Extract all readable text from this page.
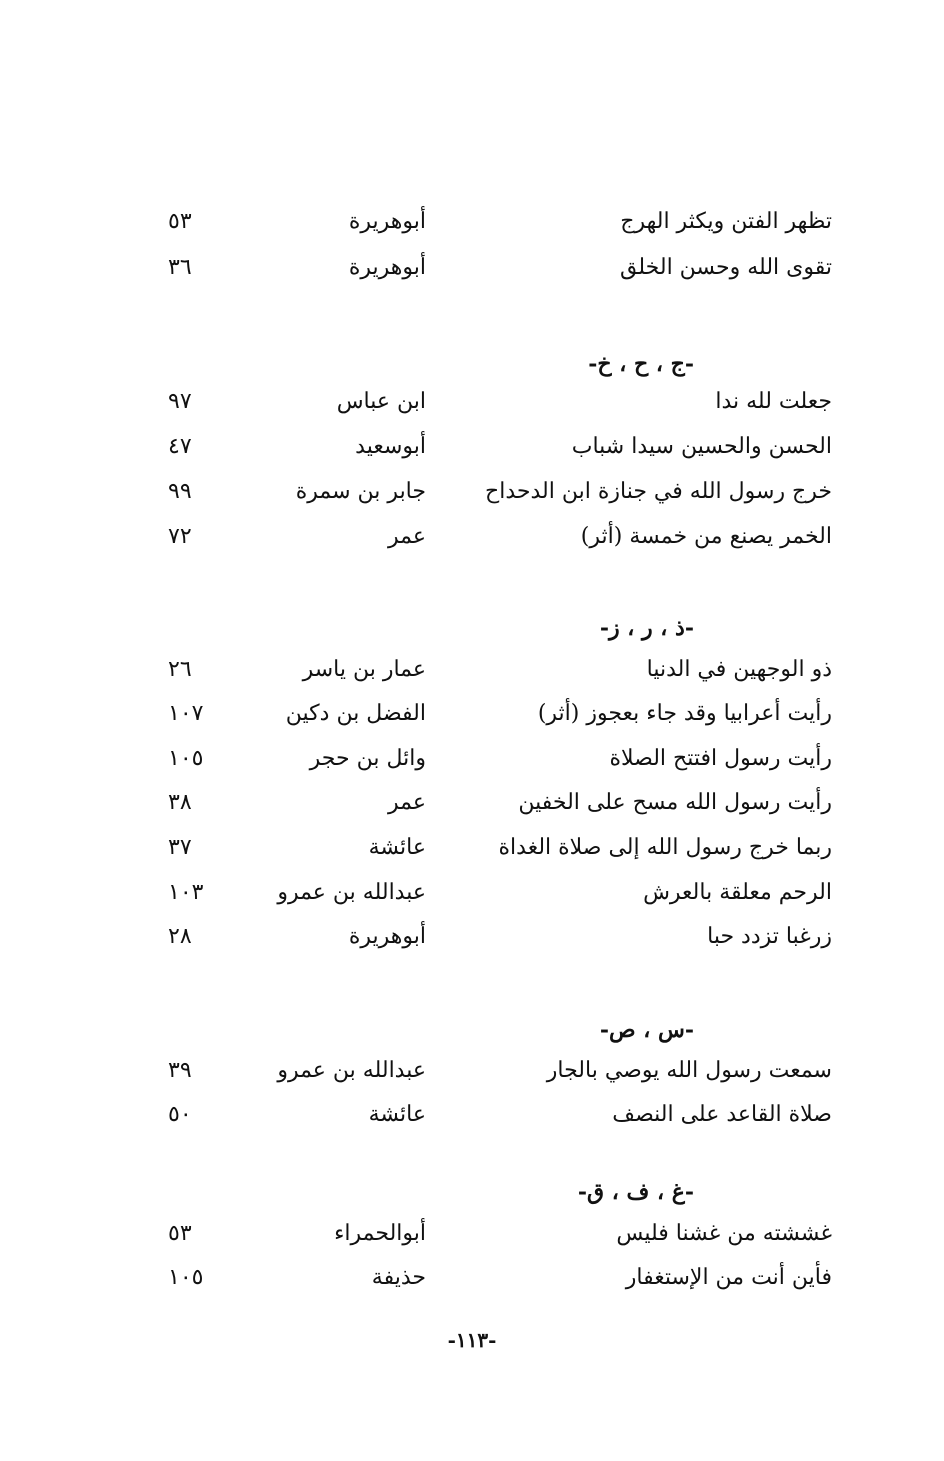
تظهر الفتن ويكثر الهرج
أبوهريرة
٥٣
تقوى الله وحسن الخلق
أبوهريرة
٣٦
-ج ، ح ، خ-
جعلت لله ندا
ابن عباس
٩٧
الحسن والحسين سيدا شباب
أبوسعيد
٤٧
خرج رسول الله في جنازة ابن الدحداح
جابر بن سمرة
٩٩
الخمر يصنع من خمسة (أثر)
عمر
٧٢
-ذ ، ر ، ز-
ذو الوجهين في الدنيا
عمار بن ياسر
٢٦
رأيت أعرابيا وقد جاء بعجوز (أثر)
الفضل بن دكين
١٠٧
رأيت رسول افتتح الصلاة
وائل بن حجر
١٠٥
رأيت رسول الله مسح على الخفين
عمر
٣٨
ربما خرج رسول الله إلى صلاة الغداة
عائشة
٣٧
الرحم معلقة بالعرش
عبدالله بن عمرو
١٠٣
زرغبا تزدد حبا
أبوهريرة
٢٨
-س ، ص-
سمعت رسول الله يوصي بالجار
عبدالله بن عمرو
٣٩
صلاة القاعد على النصف
عائشة
٥٠
-غ ، ف ، ق-
غششته من غشنا فليس
أبوالحمراء
٥٣
فأين أنت من الإستغفار
حذيفة
١٠٥
-١١٣-
